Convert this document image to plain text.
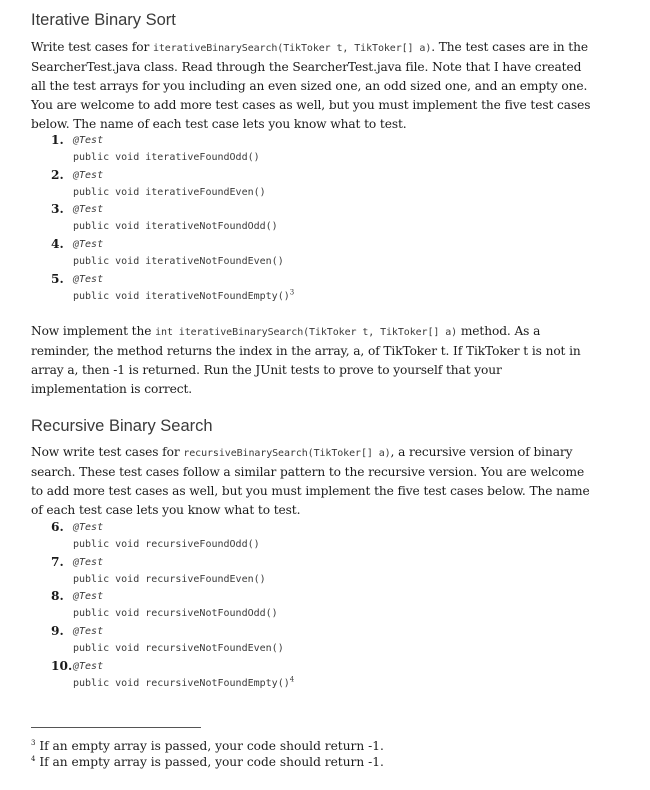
Iterative Binary Sort

Write test cases for iterativeBinarySearch(TikToker t, TikToker[] a). The test cases are in the SearcherTest.java class. Read through the SearcherTest.java file. Note that I have created all the test arrays for you including an even sized one, an odd sized one, and an empty one. You are welcome to add more test cases as well, but you must implement the five test cases below. The name of each test case lets you know what to test.

1. @Test
public void iterativeFoundOdd()
2. @Test
public void iterativeFoundEven()
3. @Test
public void iterativeNotFoundOdd()
4. @Test
public void iterativeNotFoundEven()
5. @Test
public void iterativeNotFoundEmpty()$^3$

Now implement the int iterativeBinarySearch(TikToker t, TikToker[] a) method. As a reminder, the method returns the index in the array, a, of TikToker t. If TikToker t is not in array a, then -1 is returned. Run the JUnit tests to prove to yourself that your implementation is correct.

Recursive Binary Search

Now write test cases for recursiveBinarySearch(TikToker[] a), a recursive version of binary search. These test cases follow a similar pattern to the recursive version. You are welcome to add more test cases as well, but you must implement the five test cases below. The name of each test case lets you know what to test.

6. @Test
public void recursiveFoundOdd()
7. @Test
public void recursiveFoundEven()
8. @Test
public void recursiveNotFoundOdd()
9. @Test
public void recursiveNotFoundEven()
10. @Test
public void recursiveNotFoundEmpty()$^4$
$^3$ If an empty array is passed, your code should return -1.
$^4$ If an empty array is passed, your code should return -1.
